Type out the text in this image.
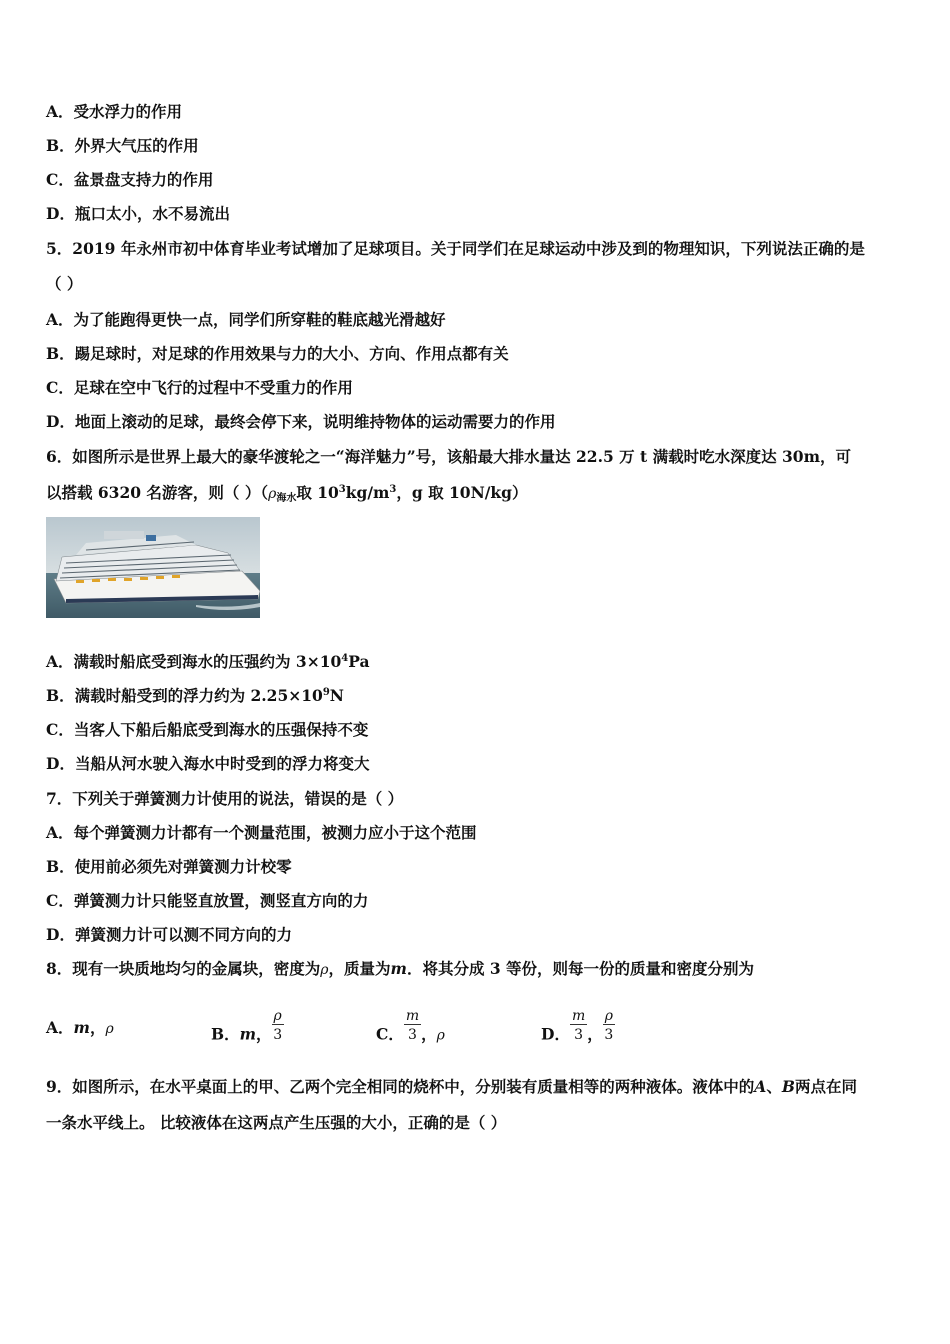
A．受水浮力的作用
B．外界大气压的作用
C．盆景盘支持力的作用
D．瓶口太小，水不易流出
5．2019 年永州市初中体育毕业考试增加了足球项目。关于同学们在足球运动中涉及到的物理知识，下列说法正确的是
（ ）
A．为了能跑得更快一点，同学们所穿鞋的鞋底越光滑越好
B．踢足球时，对足球的作用效果与力的大小、方向、作用点都有关
C．足球在空中飞行的过程中不受重力的作用
D．地面上滚动的足球，最终会停下来，说明维持物体的运动需要力的作用
6．如图所示是世界上最大的豪华渡轮之一“海洋魅力”号，该船最大排水量达 22.5 万 t 满载时吃水深度达 30m，可
以搭载 6320 名游客，则（ ）（$\rho_{海水}$取 $10^3kg/m^3$，g 取 10N/kg）
A．满载时船底受到海水的压强约为 $3\times 10^4Pa$
B．满载时船受到的浮力约为 $2.25\times 10^9N$
C．当客人下船后船底受到海水的压强保持不变
D．当船从河水驶入海水中时受到的浮力将变大
7．下列关于弹簧测力计使用的说法，错误的是（ ）
A．每个弹簧测力计都有一个测量范围，被测力应小于这个范围
B．使用前必须先对弹簧测力计校零
C．弹簧测力计只能竖直放置，测竖直方向的力
D．弹簧测力计可以测不同方向的力
8．现有一块质地均匀的金属块，密度为ρ，质量为m．将其分成 3 等份，则每一份的质量和密度分别为
A．m，ρ	B．m， $\frac{\rho}{3}$	C． $\frac{m}{3}$ ，ρ	D． $\frac{m}{3}$ ， $\frac{\rho}{3}$
9．如图所示，在水平桌面上的甲、乙两个完全相同的烧杯中，分别装有质量相等的两种液体。液体中的A、B两点在同
一条水平线上。 比较液体在这两点产生压强的大小，正确的是（ ）
